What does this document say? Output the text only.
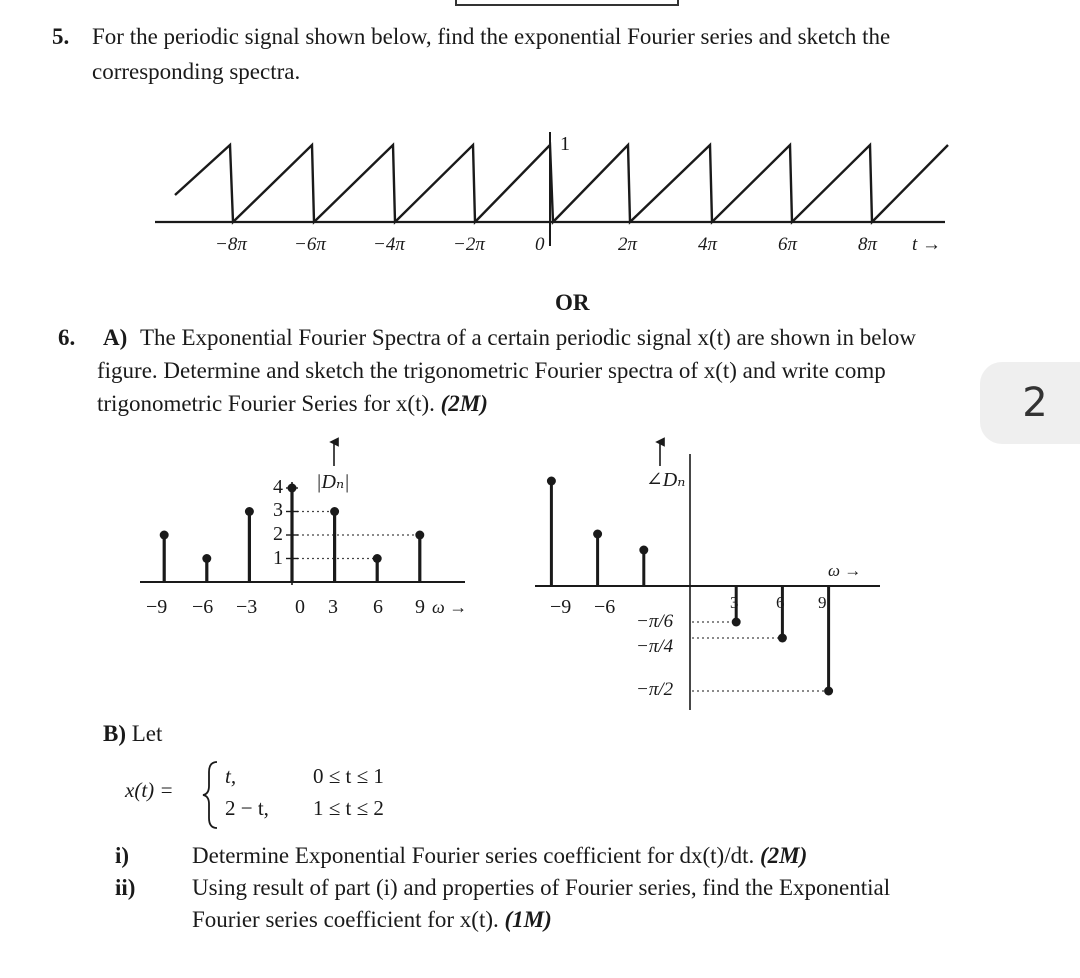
5. For the periodic signal shown below, find the exponential Fourier series and sketch the
corresponding spectra.
1
−8π −6π −4π	−2π	0	2π	4π	6π	8π t →
OR
6. A) The Exponential Fourier Spectra of a certain periodic signal x(t) are shown in below
figure. Determine and sketch the trigonometric Fourier spectra of x(t) and write comp
trigonometric Fourier Series for x(t). (2M)	2
|Dₙ|
4
3
2
1
−9 −6 −3 0 3 6 9 ω →
∠Dₙ
−9 −6	3 6 9
ω →
−π/6
−π/4
−π/2
B) Let
x(t) =
t,	0 ≤ t ≤ 1
2 − t, 1 ≤ t ≤ 2
i)	Determine Exponential Fourier series coefficient for dx(t)/dt. (2M)
ii) Using result of part (i) and properties of Fourier series, find the Exponential
Fourier series coefficient for x(t). (1M)
